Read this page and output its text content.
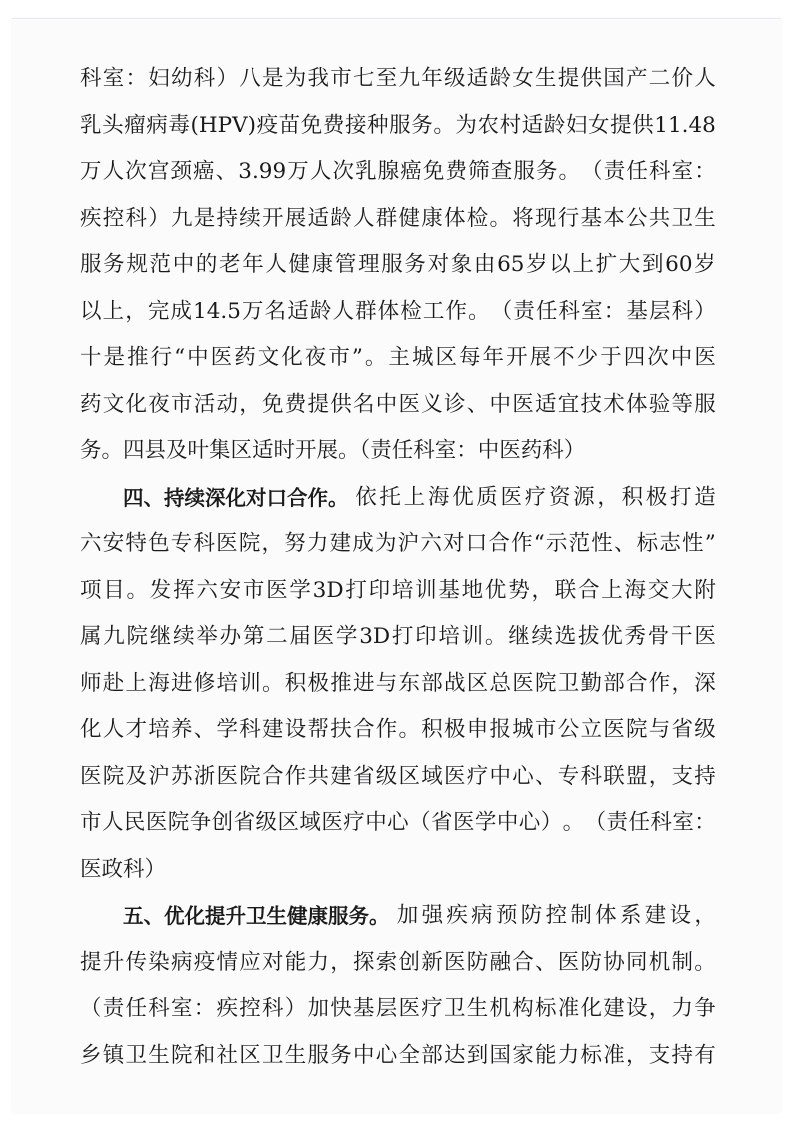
科 室 ： 妇 幼 科 ） 八 是 为 我 市 七 至 九 年 级 适 龄 女 生 提 供 国 产 二 价 人
乳 头 瘤 病 毒 (HPV) 疫 苗 免 费 接 种 服 务 。 为 农 村 适 龄 妇 女 提 供 11.48
万 人 次 宫 颈 癌 、 3.99 万 人 次 乳 腺 癌 免 费 筛 查 服 务 。 （ 责 任 科 室 ：
疾 控 科 ） 九 是 持 续 开 展 适 龄 人 群 健 康 体 检 。 将 现 行 基 本 公 共 卫 生
服 务 规 范 中 的 老 年 人 健 康 管 理 服 务 对 象 由 65 岁 以 上 扩 大 到 60 岁
以 上 ， 完 成 14.5 万 名 适 龄 人 群 体 检 工 作 。 （ 责 任 科 室 ： 基 层 科 ）
十 是 推 行 “ 中 医 药 文 化 夜 市 ” 。 主 城 区 每 年 开 展 不 少 于 四 次 中 医
药 文 化 夜 市 活 动 ， 免 费 提 供 名 中 医 义 诊 、 中 医 适 宜 技 术 体 验 等 服
务。四县及叶集区适时开展。（责任科室：中医药科）
四、持续深化对口合作。 依 托 上 海 优 质 医 疗 资 源 ， 积 极 打 造
六 安 特 色 专 科 医 院 ， 努 力 建 成 为 沪 六 对 口 合 作 “ 示 范 性 、 标 志 性 ”
项 目 。 发 挥 六 安 市 医 学 3D 打 印 培 训 基 地 优 势 ， 联 合 上 海 交 大 附
属 九 院 继 续 举 办 第 二 届 医 学 3D 打 印 培 训 。 继 续 选 拔 优 秀 骨 干 医
师 赴 上 海 进 修 培 训 。 积 极 推 进 与 东 部 战 区 总 医 院 卫 勤 部 合 作 ， 深
化 人 才 培 养 、 学 科 建 设 帮 扶 合 作 。 积 极 申 报 城 市 公 立 医 院 与 省 级
医 院 及 沪 苏 浙 医 院 合 作 共 建 省 级 区 域 医 疗 中 心 、 专 科 联 盟 ， 支 持
市 人 民 医 院 争 创 省 级 区 域 医 疗 中 心 （ 省 医 学 中 心 ） 。 （ 责 任 科 室 ：
医政科）
五、优化提升卫生健康服务。 加 强 疾 病 预 防 控 制 体 系 建 设 ，
提 升 传 染 病 疫 情 应 对 能 力 ， 探 索 创 新 医 防 融 合 、 医 防 协 同 机 制 。
（ 责 任 科 室 ： 疾 控 科 ） 加 快 基 层 医 疗 卫 生 机 构 标 准 化 建 设 ， 力 争
乡 镇 卫 生 院 和 社 区 卫 生 服 务 中 心 全 部 达 到 国 家 能 力 标 准 ， 支 持 有
